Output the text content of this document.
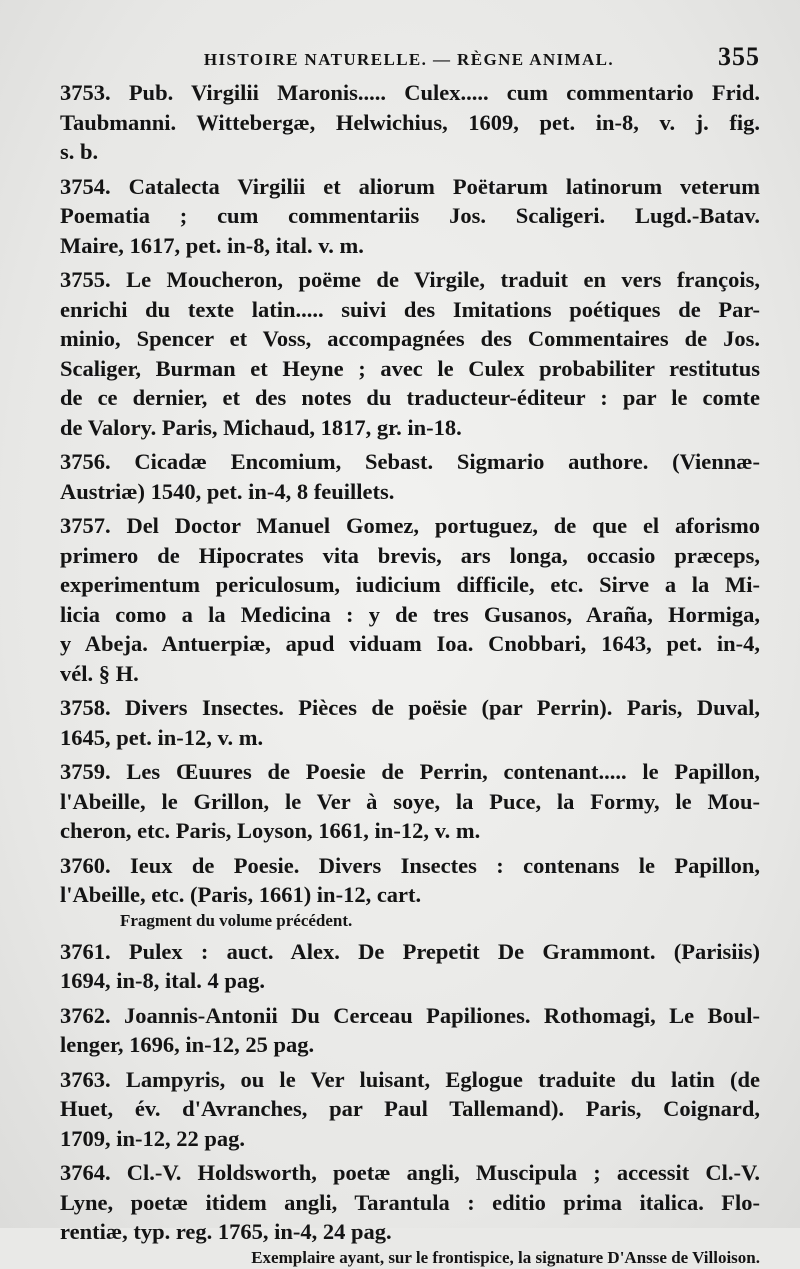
HISTOIRE NATURELLE. — RÈGNE ANIMAL.	355
3753. Pub. Virgilii Maronis..... Culex..... cum commentario Frid.
Taubmanni. Wittebergæ, Helwichius, 1609, pet. in-8, v. j. fig.
s. b.
3754. Catalecta Virgilii et aliorum Poëtarum latinorum veterum
Poematia ; cum commentariis Jos. Scaligeri. Lugd.-Batav.
Maire, 1617, pet. in-8, ital. v. m.
3755. Le Moucheron, poëme de Virgile, traduit en vers françois,
enrichi du texte latin..... suivi des Imitations poétiques de Par-
minio, Spencer et Voss, accompagnées des Commentaires de Jos.
Scaliger, Burman et Heyne ; avec le Culex probabiliter restitutus
de ce dernier, et des notes du traducteur-éditeur : par le comte
de Valory. Paris, Michaud, 1817, gr. in-18.
3756. Cicadæ Encomium, Sebast. Sigmario authore. (Viennæ-
Austriæ) 1540, pet. in-4, 8 feuillets.
3757. Del Doctor Manuel Gomez, portuguez, de que el aforismo
primero de Hipocrates vita brevis, ars longa, occasio præceps,
experimentum periculosum, iudicium difficile, etc. Sirve a la Mi-
licia como a la Medicina : y de tres Gusanos, Araña, Hormiga,
y Abeja. Antuerpiæ, apud viduam Ioa. Cnobbari, 1643, pet. in-4,
vél. § H.
3758. Divers Insectes. Pièces de poësie (par Perrin). Paris, Duval,
1645, pet. in-12, v. m.
3759. Les Œuures de Poesie de Perrin, contenant..... le Papillon,
l'Abeille, le Grillon, le Ver à soye, la Puce, la Formy, le Mou-
cheron, etc. Paris, Loyson, 1661, in-12, v. m.
3760. Ieux de Poesie. Divers Insectes : contenans le Papillon,
l'Abeille, etc. (Paris, 1661) in-12, cart.
Fragment du volume précédent.
3761. Pulex : auct. Alex. De Prepetit De Grammont. (Parisiis)
1694, in-8, ital. 4 pag.
3762. Joannis-Antonii Du Cerceau Papiliones. Rothomagi, Le Boul-
lenger, 1696, in-12, 25 pag.
3763. Lampyris, ou le Ver luisant, Eglogue traduite du latin (de
Huet, év. d'Avranches, par Paul Tallemand). Paris, Coignard,
1709, in-12, 22 pag.
3764. Cl.-V. Holdsworth, poetæ angli, Muscipula ; accessit Cl.-V.
Lyne, poetæ itidem angli, Tarantula : editio prima italica. Flo-
rentiæ, typ. reg. 1765, in-4, 24 pag.
Exemplaire ayant, sur le frontispice, la signature D'Ansse de Villoison.
